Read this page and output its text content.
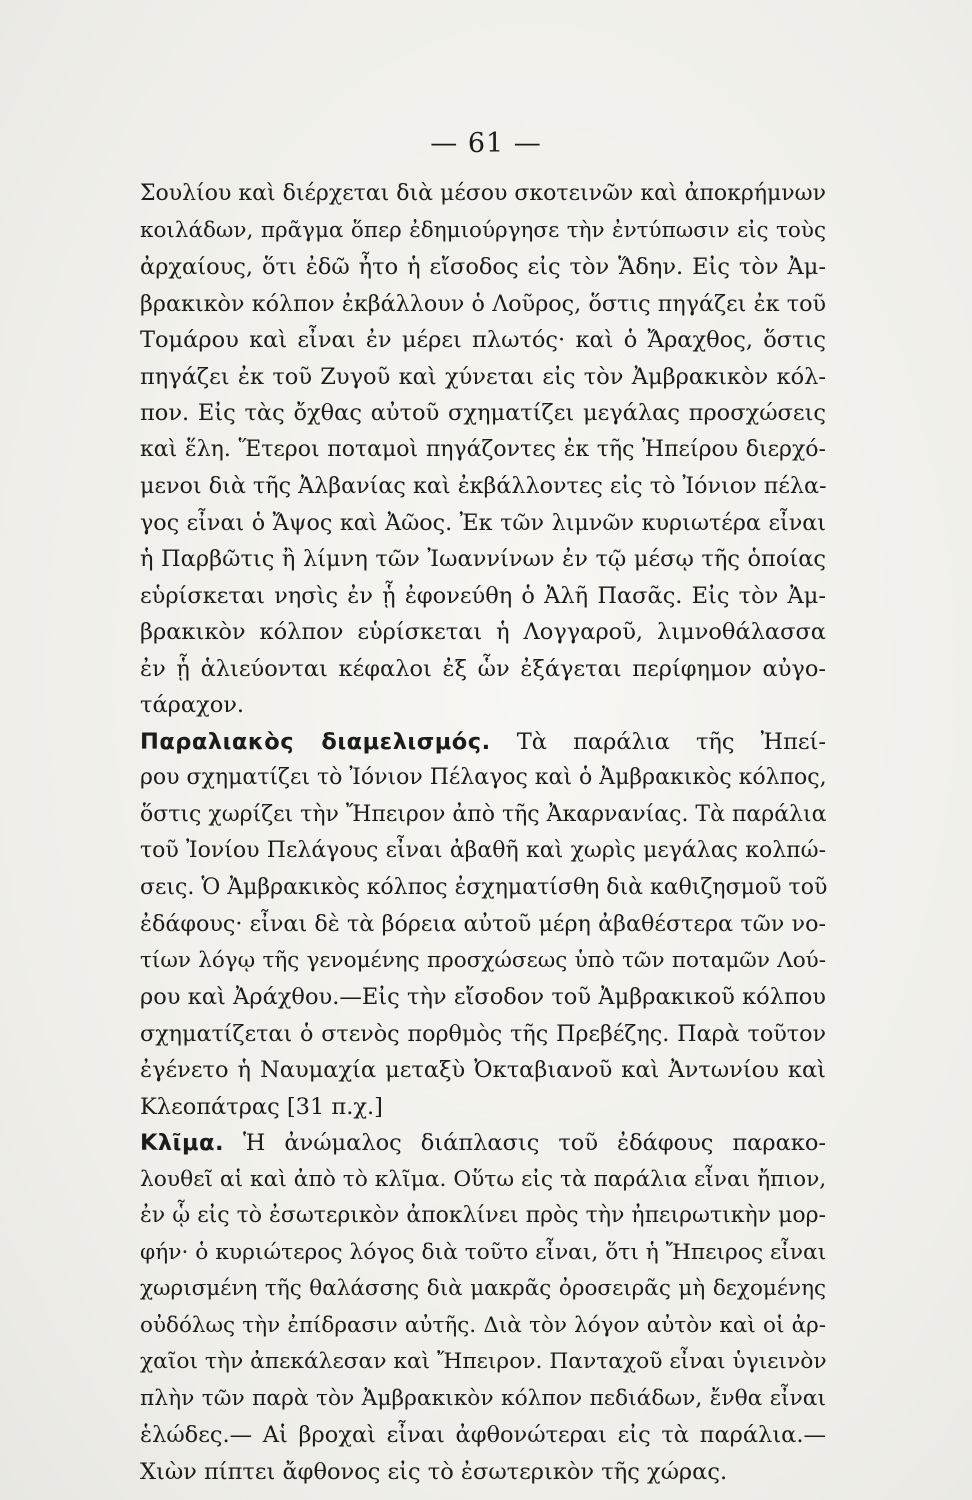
— 61 —
Σουλίου καὶ διέρχεται διὰ μέσου σκοτεινῶν καὶ ἀποκρήμνων
κοιλάδων, πρᾶγμα ὅπερ ἐδημιούργησε τὴν ἐντύπωσιν εἰς τοὺς
ἀρχαίους, ὅτι ἐδῶ ἦτο ἡ εἴσοδος εἰς τὸν Ἅδην. Εἰς τὸν Ἀμ-
βρακικὸν κόλπον ἐκβάλλουν ὁ Λοῦρος, ὅστις πηγάζει ἐκ τοῦ
Τομάρου καὶ εἶναι ἐν μέρει πλωτός· καὶ ὁ Ἄραχθος, ὅστις
πηγάζει ἐκ τοῦ Ζυγοῦ καὶ χύνεται εἰς τὸν Ἀμβρακικὸν κόλ-
πον. Εἰς τὰς ὄχθας αὐτοῦ σχηματίζει μεγάλας προσχώσεις
καὶ ἕλη. Ἕτεροι ποταμοὶ πηγάζοντες ἐκ τῆς Ἠπείρου διερχό-
μενοι διὰ τῆς Ἀλβανίας καὶ ἐκβάλλοντες εἰς τὸ Ἰόνιον πέλα-
γος εἶναι ὁ Ἄψος καὶ Ἀῶος. Ἐκ τῶν λιμνῶν κυριωτέρα εἶναι
ἡ Παρβῶτις ἢ λίμνη τῶν Ἰωαννίνων ἐν τῷ μέσῳ τῆς ὁποίας
εὑρίσκεται νησὶς ἐν ᾗ ἐφονεύθη ὁ Ἀλῆ Πασᾶς. Εἰς τὸν Ἀμ-
βρακικὸν κόλπον εὑρίσκεται ἡ Λογγαροῦ, λιμνοθάλασσα
ἐν ᾗ ἁλιεύονται κέφαλοι ἐξ ὧν ἐξάγεται περίφημον αὐγο-
τάραχον.
Παραλιακὸς διαμελισμός. Τὰ παράλια τῆς Ἠπεί-
ρου σχηματίζει τὸ Ἰόνιον Πέλαγος καὶ ὁ Ἀμβρακικὸς κόλπος,
ὅστις χωρίζει τὴν Ἤπειρον ἀπὸ τῆς Ἀκαρνανίας. Τὰ παράλια
τοῦ Ἰονίου Πελάγους εἶναι ἀβαθῆ καὶ χωρὶς μεγάλας κολπώ-
σεις. Ὁ Ἀμβρακικὸς κόλπος ἐσχηματίσθη διὰ καθιζησμοῦ τοῦ
ἐδάφους· εἶναι δὲ τὰ βόρεια αὐτοῦ μέρη ἀβαθέστερα τῶν νο-
τίων λόγῳ τῆς γενομένης προσχώσεως ὑπὸ τῶν ποταμῶν Λού-
ρου καὶ Ἀράχθου.—Εἰς τὴν εἴσοδον τοῦ Ἀμβρακικοῦ κόλπου
σχηματίζεται ὁ στενὸς πορθμὸς τῆς Πρεβέζης. Παρὰ τοῦτον
ἐγένετο ἡ Ναυμαχία μεταξὺ Ὀκταβιανοῦ καὶ Ἀντωνίου καὶ
Κλεοπάτρας [31 π.χ.]
Κλῖμα. Ἡ ἀνώμαλος διάπλασις τοῦ ἐδάφους παρακο-
λουθεῖ αἱ καὶ ἀπὸ τὸ κλῖμα. Οὕτω εἰς τὰ παράλια εἶναι ἤπιον,
ἐν ᾧ εἰς τὸ ἐσωτερικὸν ἀποκλίνει πρὸς τὴν ἠπειρωτικὴν μορ-
φήν· ὁ κυριώτερος λόγος διὰ τοῦτο εἶναι, ὅτι ἡ Ἤπειρος εἶναι
χωρισμένη τῆς θαλάσσης διὰ μακρᾶς ὀροσειρᾶς μὴ δεχομένης
οὐδόλως τὴν ἐπίδρασιν αὐτῆς. Διὰ τὸν λόγον αὐτὸν καὶ οἱ ἀρ-
χαῖοι τὴν ἀπεκάλεσαν καὶ Ἤπειρον. Πανταχοῦ εἶναι ὑγιεινὸν
πλὴν τῶν παρὰ τὸν Ἀμβρακικὸν κόλπον πεδιάδων, ἔνθα εἶναι
ἑλώδες.— Αἱ βροχαὶ εἶναι ἀφθονώτεραι εἰς τὰ παράλια.—
Χιὼν πίπτει ἄφθονος εἰς τὸ ἐσωτερικὸν τῆς χώρας.
